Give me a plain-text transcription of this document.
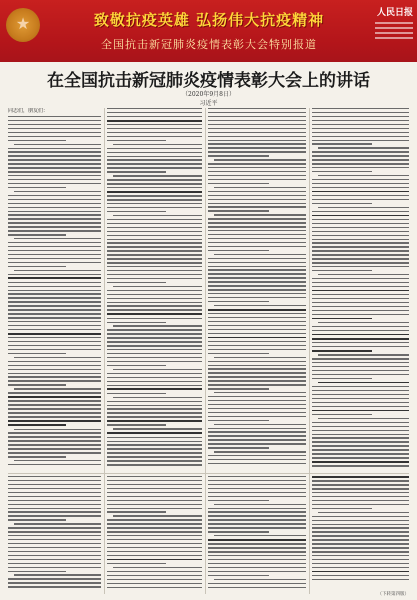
★	致敬抗疫英雄 弘扬伟大抗疫精神
全国抗击新冠肺炎疫情表彰大会特别报道
人民日报
在全国抗击新冠肺炎疫情表彰大会上的讲话
（2020年9月8日）
习近平
同志们，朋友们：
（下转第四版）
